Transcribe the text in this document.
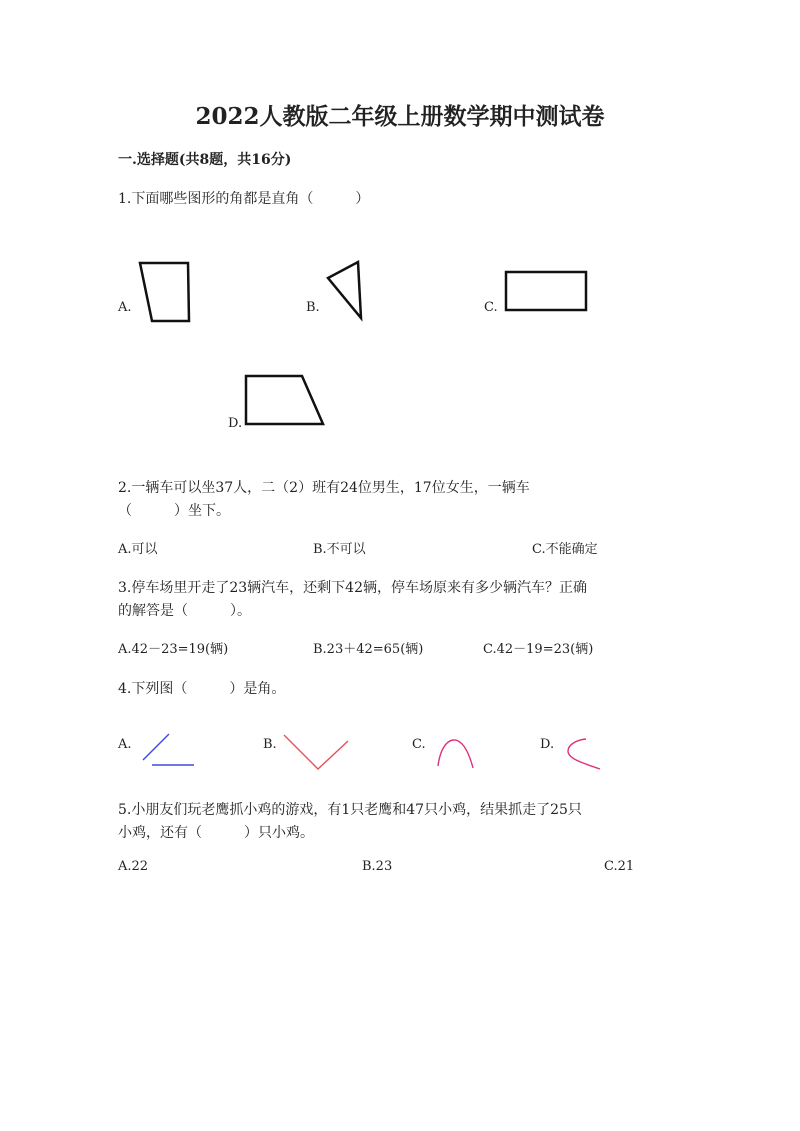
2022人教版二年级上册数学期中测试卷
一.选择题(共8题，共16分)
1.下面哪些图形的角都是直角（　　　）
A.	B.	C.
D.
2.一辆车可以坐37人，二（2）班有24位男生，17位女生，一辆车
（　　　）坐下。
A.可以	B.不可以	C.不能确定
3.停车场里开走了23辆汽车，还剩下42辆，停车场原来有多少辆汽车？正确
的解答是（　　　）。
A.42－23=19(辆)	B.23＋42=65(辆)	C.42－19=23(辆)
4.下列图（　　　）是角。
A.	B.	C.	D.
5.小朋友们玩老鹰抓小鸡的游戏，有1只老鹰和47只小鸡，结果抓走了25只
小鸡，还有（　　　）只小鸡。
A.22	B.23	C.21
